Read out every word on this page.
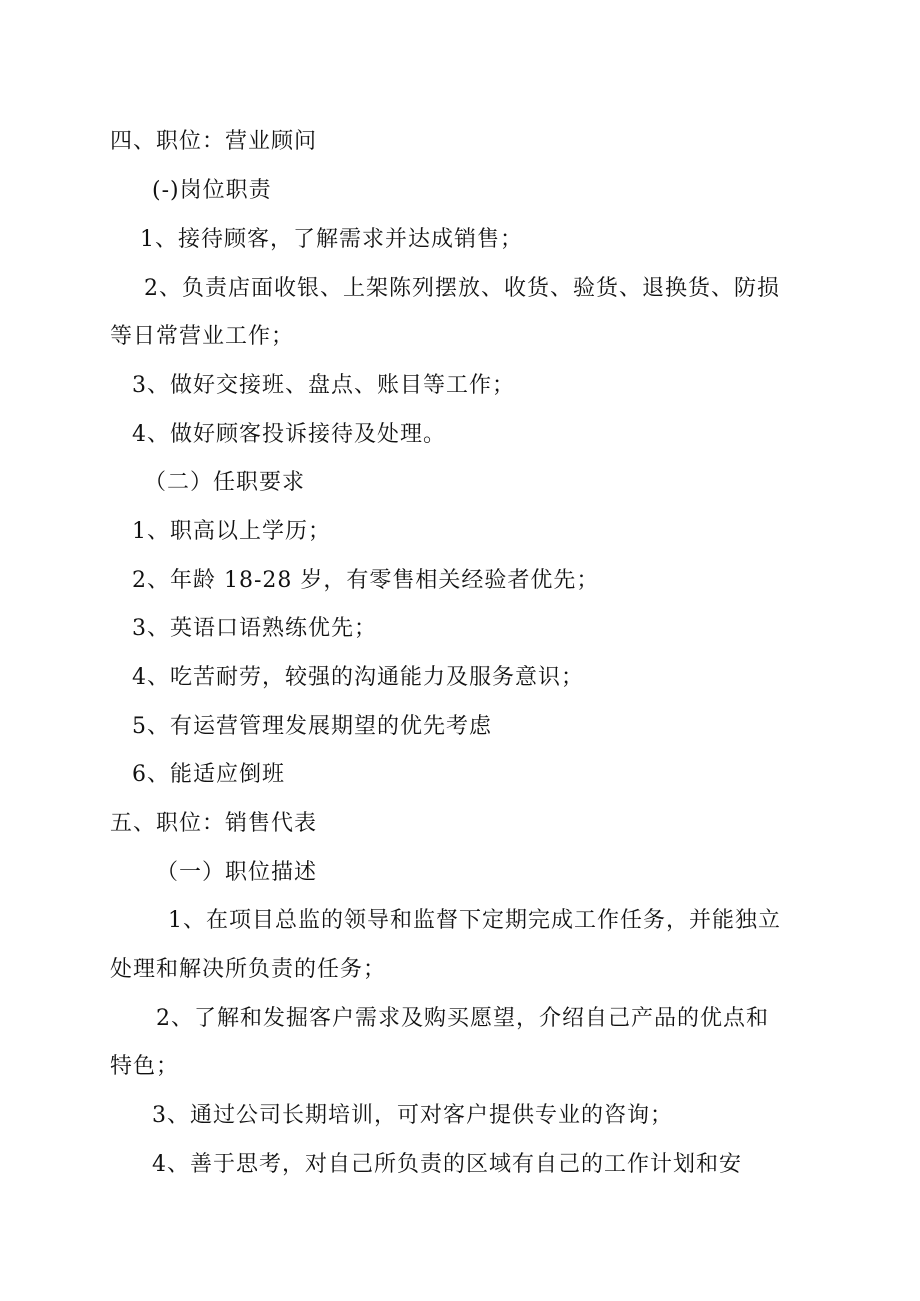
四、职位：营业顾问
(-)岗位职责
1、接待顾客，了解需求并达成销售；
2、负责店面收银、上架陈列摆放、收货、验货、退换货、防损
等日常营业工作；
3、做好交接班、盘点、账目等工作；
4、做好顾客投诉接待及处理。
（二）任职要求
1、职高以上学历；
2、年龄 18-28 岁，有零售相关经验者优先；
3、英语口语熟练优先；
4、吃苦耐劳，较强的沟通能力及服务意识；
5、有运营管理发展期望的优先考虑
6、能适应倒班
五、职位：销售代表
（一）职位描述
1、在项目总监的领导和监督下定期完成工作任务，并能独立
处理和解决所负责的任务；
2、了解和发掘客户需求及购买愿望，介绍自己产品的优点和
特色；
3、通过公司长期培训，可对客户提供专业的咨询；
4、善于思考，对自己所负责的区域有自己的工作计划和安
